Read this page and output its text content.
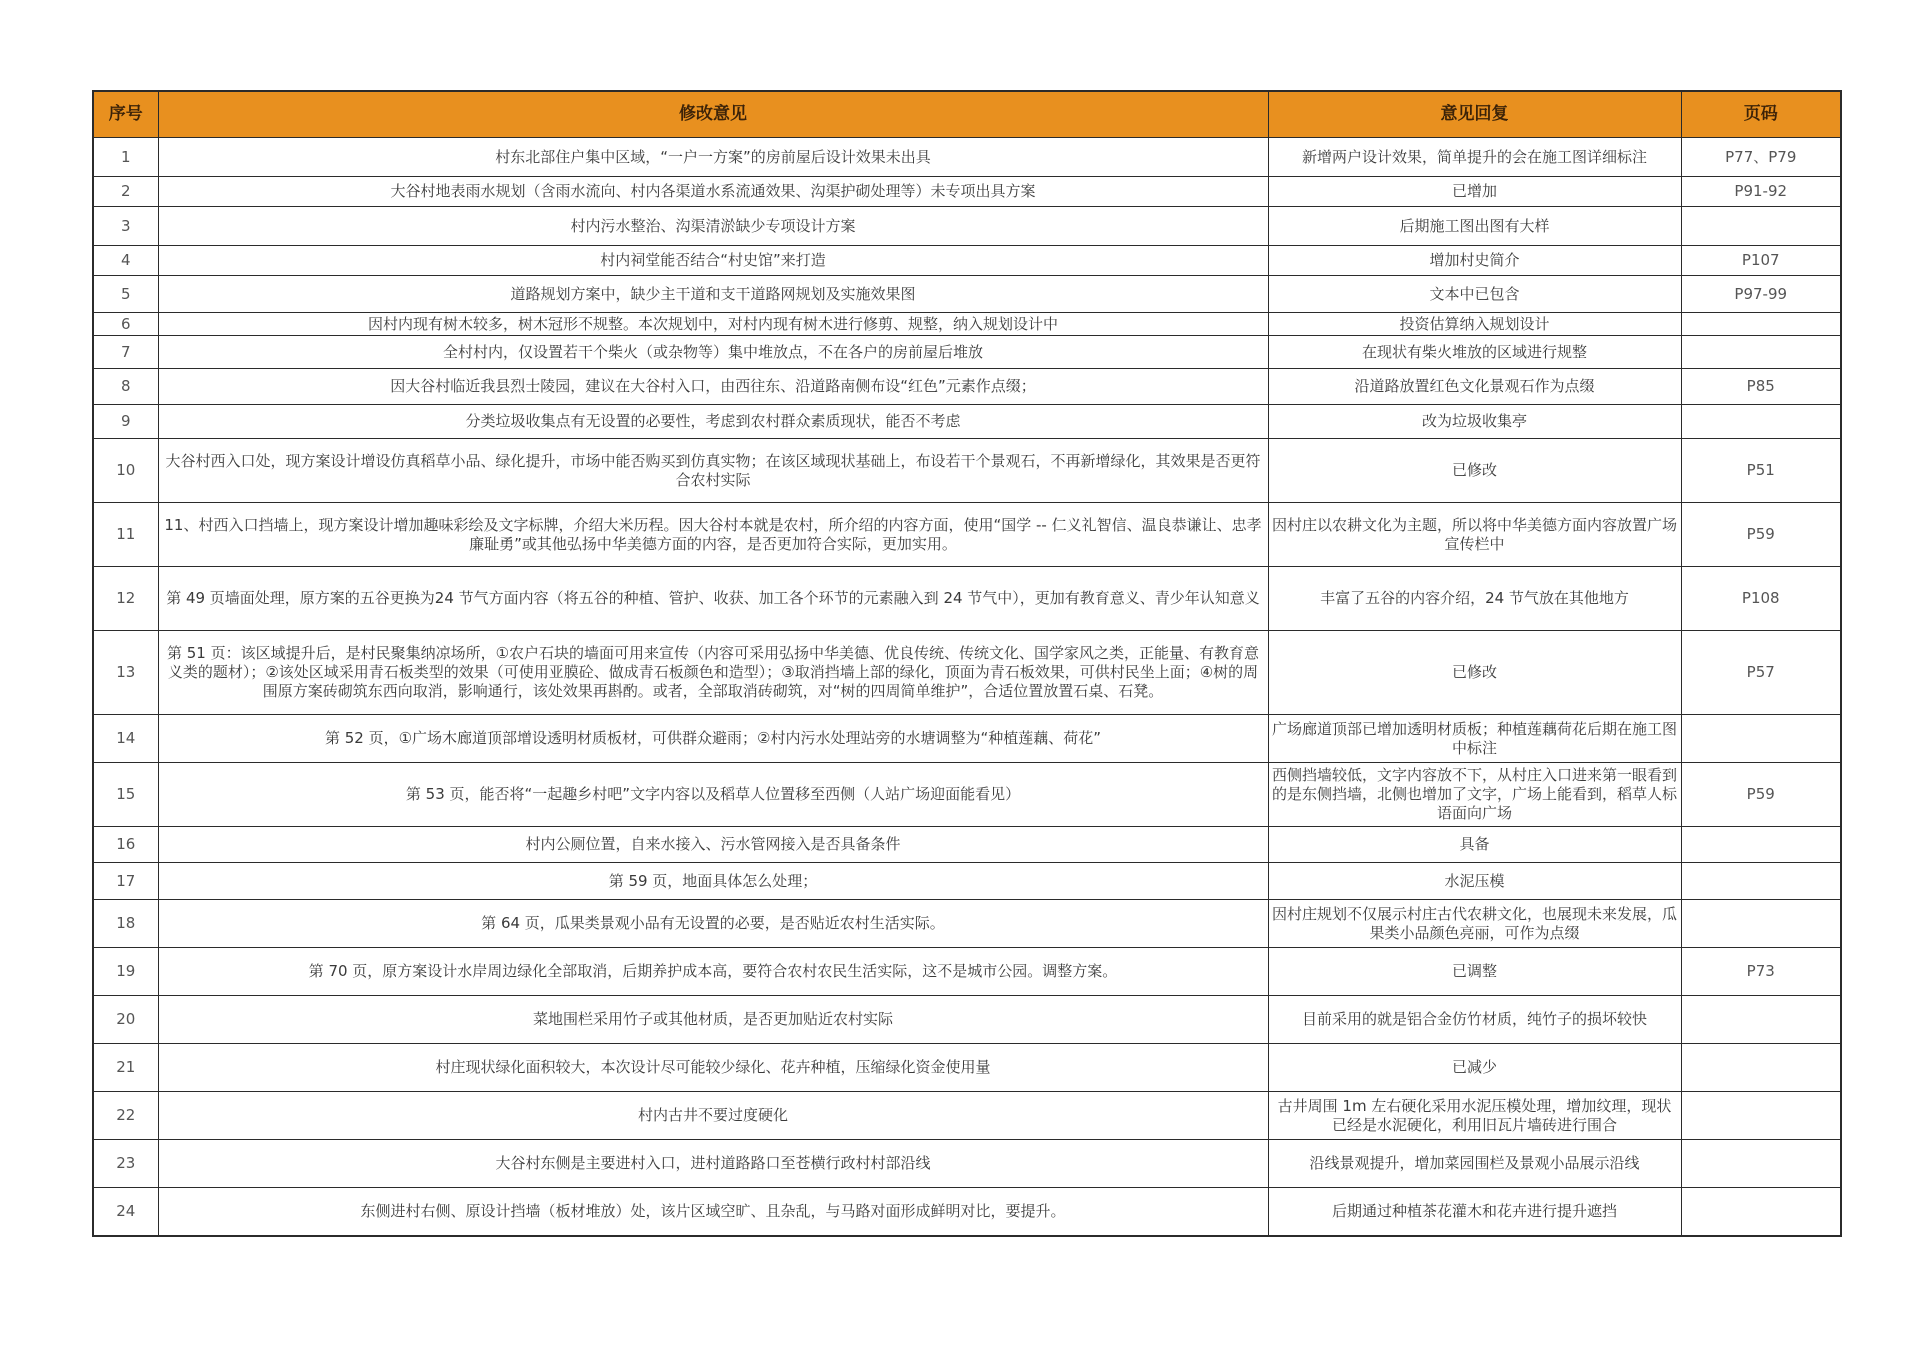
序号	修改意见	意见回复	页码
1	村东北部住户集中区域，“一户一方案”的房前屋后设计效果未出具	新增两户设计效果，简单提升的会在施工图详细标注	P77、P79
2	大谷村地表雨水规划（含雨水流向、村内各渠道水系流通效果、沟渠护砌处理等）未专项出具方案	已增加	P91-92
3	村内污水整治、沟渠清淤缺少专项设计方案	后期施工图出图有大样	
4	村内祠堂能否结合“村史馆”来打造	增加村史简介	P107
5	道路规划方案中，缺少主干道和支干道路网规划及实施效果图	文本中已包含	P97-99
6	因村内现有树木较多，树木冠形不规整。本次规划中，对村内现有树木进行修剪、规整，纳入规划设计中	投资估算纳入规划设计	
7	全村村内，仅设置若干个柴火（或杂物等）集中堆放点，不在各户的房前屋后堆放	在现状有柴火堆放的区域进行规整	
8	因大谷村临近我县烈士陵园，建议在大谷村入口，由西往东、沿道路南侧布设“红色”元素作点缀；	沿道路放置红色文化景观石作为点缀	P85
9	分类垃圾收集点有无设置的必要性，考虑到农村群众素质现状，能否不考虑	改为垃圾收集亭	
10	大谷村西入口处，现方案设计增设仿真稻草小品、绿化提升，市场中能否购买到仿真实物；在该区域现状基础上，布设若干个景观石，不再新增绿化，其效果是否更符合农村实际	已修改	P51
11	11、村西入口挡墙上，现方案设计增加趣味彩绘及文字标牌，介绍大米历程。因大谷村本就是农村，所介绍的内容方面，使用“国学 -- 仁义礼智信、温良恭谦让、忠孝廉耻勇”或其他弘扬中华美德方面的内容，是否更加符合实际，更加实用。	因村庄以农耕文化为主题，所以将中华美德方面内容放置广场宣传栏中	P59
12	第 49 页墙面处理，原方案的五谷更换为24 节气方面内容（将五谷的种植、管护、收获、加工各个环节的元素融入到 24 节气中），更加有教育意义、青少年认知意义	丰富了五谷的内容介绍，24 节气放在其他地方	P108
13	第 51 页：该区域提升后，是村民聚集纳凉场所，①农户石块的墙面可用来宣传（内容可采用弘扬中华美德、优良传统、传统文化、国学家风之类，正能量、有教育意义类的题材）；②该处区域采用青石板类型的效果（可使用亚膜砼、做成青石板颜色和造型）；③取消挡墙上部的绿化，顶面为青石板效果，可供村民坐上面；④树的周围原方案砖砌筑东西向取消，影响通行，该处效果再斟酌。或者，全部取消砖砌筑，对“树的四周简单维护”，合适位置放置石桌、石凳。	已修改	P57
14	第 52 页，①广场木廊道顶部增设透明材质板材，可供群众避雨；②村内污水处理站旁的水塘调整为“种植莲藕、荷花”	广场廊道顶部已增加透明材质板；种植莲藕荷花后期在施工图中标注	
15	第 53 页，能否将“一起趣乡村吧”文字内容以及稻草人位置移至西侧（人站广场迎面能看见）	西侧挡墙较低，文字内容放不下，从村庄入口进来第一眼看到的是东侧挡墙，北侧也增加了文字，广场上能看到，稻草人标语面向广场	P59
16	村内公厕位置，自来水接入、污水管网接入是否具备条件	具备	
17	第 59 页，地面具体怎么处理；	水泥压模	
18	第 64 页，瓜果类景观小品有无设置的必要，是否贴近农村生活实际。	因村庄规划不仅展示村庄古代农耕文化，也展现未来发展，瓜果类小品颜色亮丽，可作为点缀	
19	第 70 页，原方案设计水岸周边绿化全部取消，后期养护成本高，要符合农村农民生活实际，这不是城市公园。调整方案。	已调整	P73
20	菜地围栏采用竹子或其他材质，是否更加贴近农村实际	目前采用的就是铝合金仿竹材质，纯竹子的损坏较快	
21	村庄现状绿化面积较大，本次设计尽可能较少绿化、花卉种植，压缩绿化资金使用量	已减少	
22	村内古井不要过度硬化	古井周围 1m 左右硬化采用水泥压模处理，增加纹理，现状已经是水泥硬化，利用旧瓦片墙砖进行围合	
23	大谷村东侧是主要进村入口，进村道路路口至苍横行政村村部沿线	沿线景观提升，增加菜园围栏及景观小品展示沿线	
24	东侧进村右侧、原设计挡墙（板材堆放）处，该片区域空旷、且杂乱，与马路对面形成鲜明对比，要提升。	后期通过种植茶花灌木和花卉进行提升遮挡	
